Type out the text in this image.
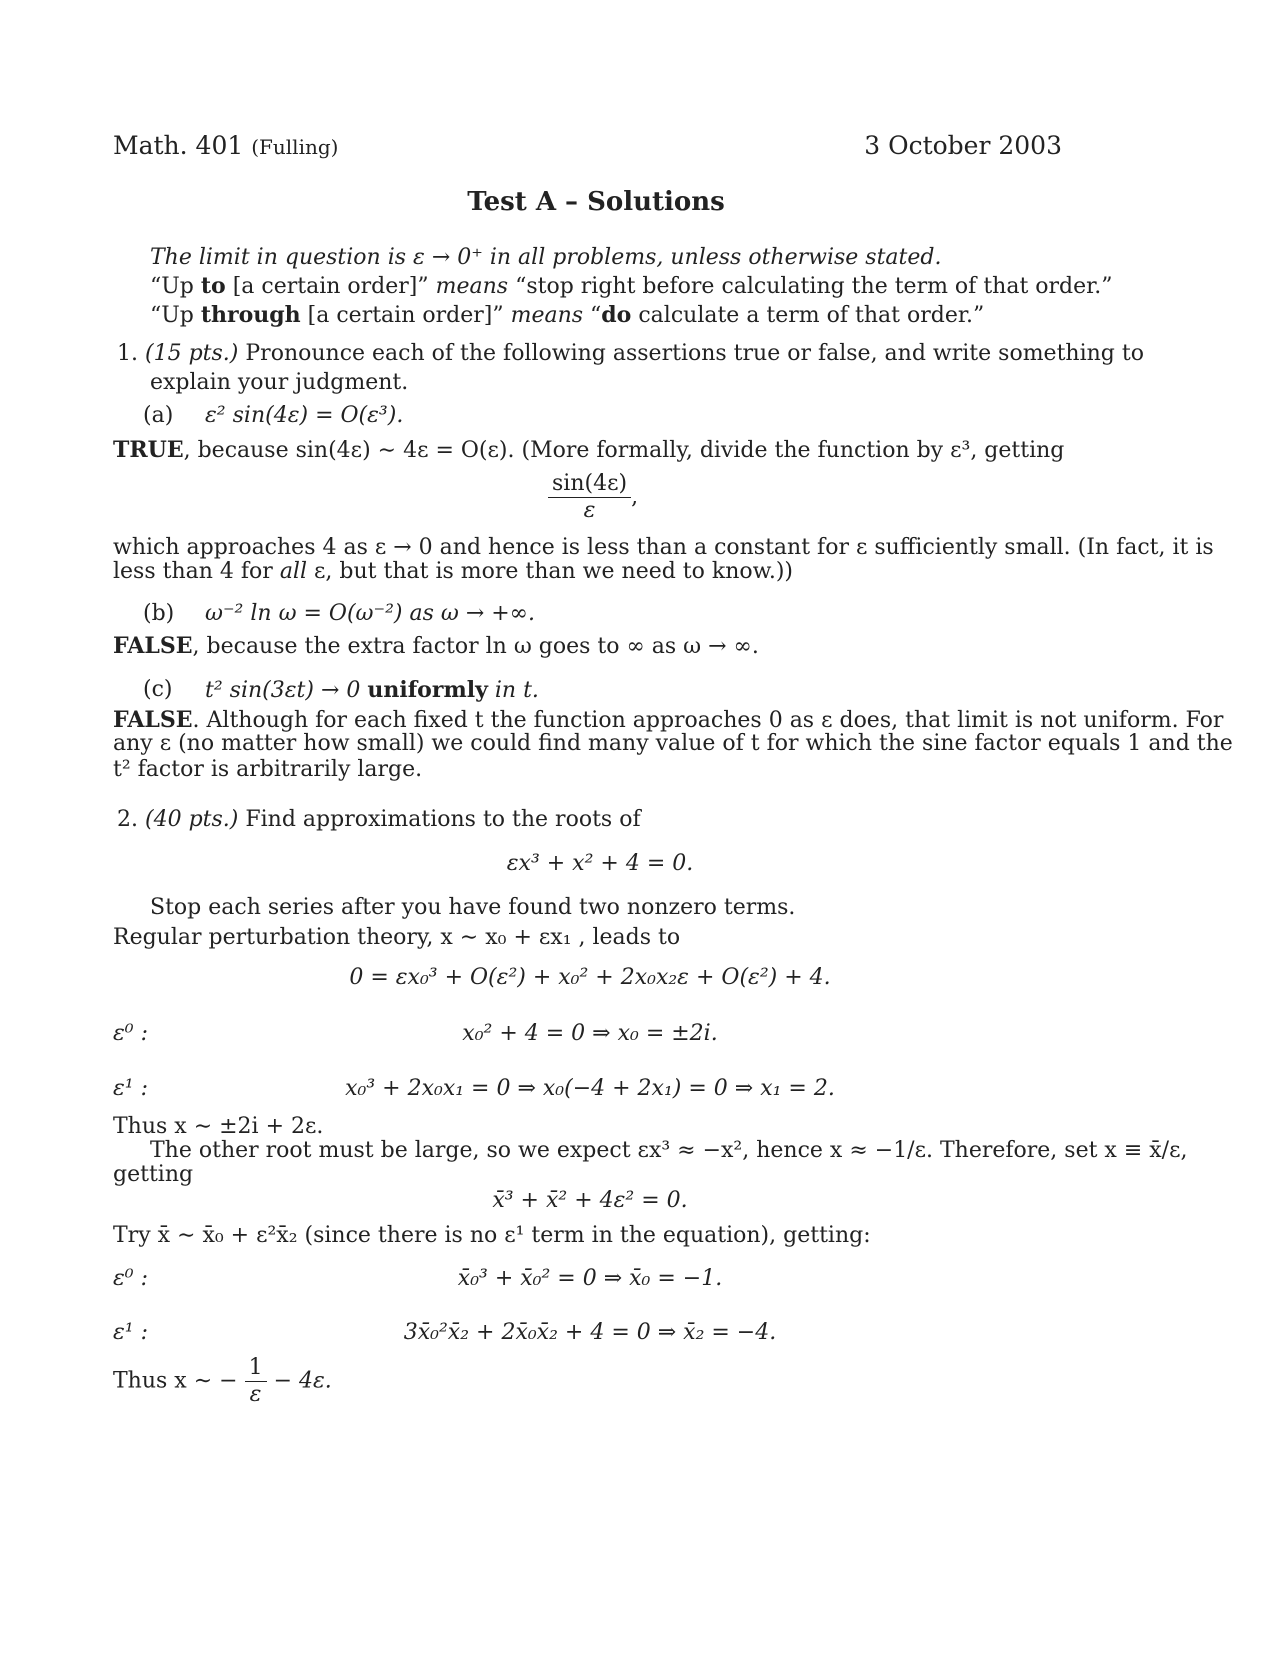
Math. 401 (Fulling)	3 October 2003
Test A – Solutions
The limit in question is ε → 0⁺ in all problems, unless otherwise stated.
“Up to [a certain order]” means “stop right before calculating the term of that order.”
“Up through [a certain order]” means “do calculate a term of that order.”
1. (15 pts.) Pronounce each of the following assertions true or false, and write something to
explain your judgment.
(a) ε² sin(4ε) = O(ε³).
TRUE, because sin(4ε) ∼ 4ε = O(ε). (More formally, divide the function by ε³, getting
$\frac{\sin(4\varepsilon)}{\varepsilon}$ ,
which approaches 4 as ε → 0 and hence is less than a constant for ε sufficiently small. (In fact, it is
less than 4 for all ε, but that is more than we need to know.))
(b) ω⁻² ln ω = O(ω⁻²) as ω → +∞.
FALSE, because the extra factor ln ω goes to ∞ as ω → ∞.
(c) t² sin(3εt) → 0 uniformly in t.
FALSE. Although for each fixed t the function approaches 0 as ε does, that limit is not uniform. For
any ε (no matter how small) we could find many value of t for which the sine factor equals 1 and the
t² factor is arbitrarily large.
2. (40 pts.) Find approximations to the roots of
εx³ + x² + 4 = 0.
Stop each series after you have found two nonzero terms.
Regular perturbation theory, x ∼ x₀ + εx₁ , leads to
0 = εx₀³ + O(ε²) + x₀² + 2x₀x₂ε + O(ε²) + 4.
ε⁰ :	x₀² + 4 = 0 ⇒ x₀ = ±2i.
ε¹ :	x₀³ + 2x₀x₁ = 0 ⇒ x₀(−4 + 2x₁) = 0 ⇒ x₁ = 2.
Thus x ∼ ±2i + 2ε.
The other root must be large, so we expect εx³ ≈ −x², hence x ≈ −1/ε. Therefore, set x ≡ x̄/ε,
getting
x̄³ + x̄² + 4ε² = 0.
Try x̄ ∼ x̄₀ + ε²x̄₂ (since there is no ε¹ term in the equation), getting:
ε⁰ :	x̄₀³ + x̄₀² = 0 ⇒ x̄₀ = −1.
ε¹ :	3x̄₀²x̄₂ + 2x̄₀x̄₂ + 4 = 0 ⇒ x̄₂ = −4.
Thus x ∼ − $\frac{1}{\varepsilon} - 4\varepsilon$.
